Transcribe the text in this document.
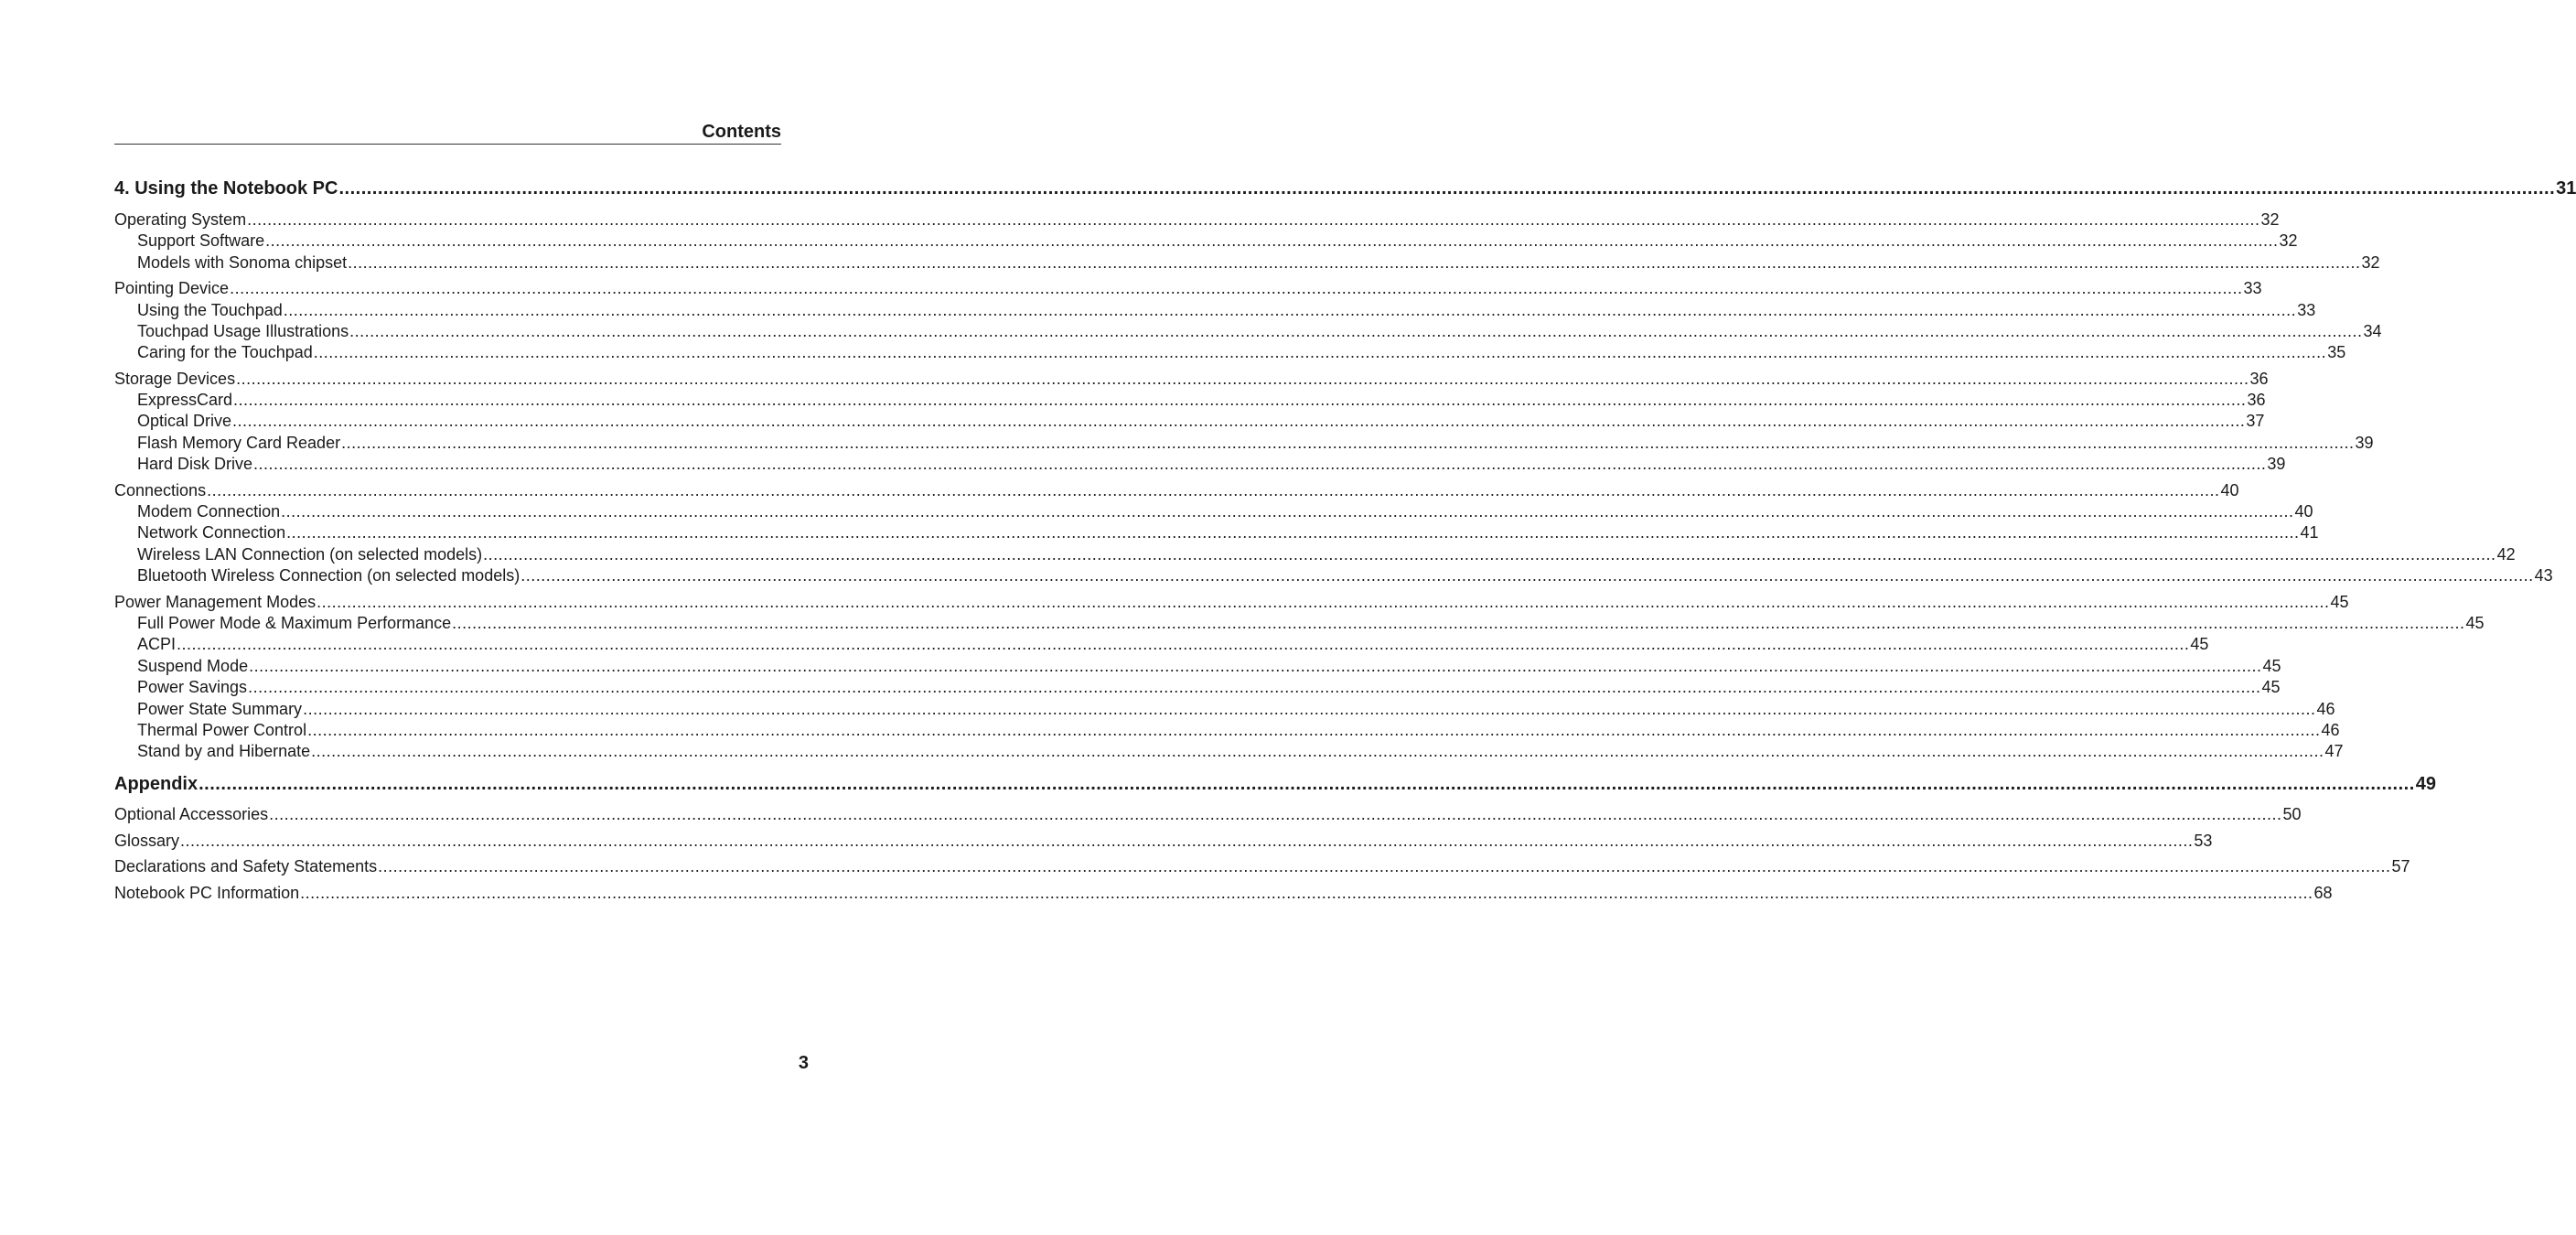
Contents
4. Using the Notebook PC ................................................................................................................................................................................................................................................................................................................................................................................................................ 31
Operating System ................................................................................................................................................................................................................................................................................................................................................................................................................ 32
Support Software ................................................................................................................................................................................................................................................................................................................................................................................................................ 32
Models with Sonoma chipset ................................................................................................................................................................................................................................................................................................................................................................................................................ 32
Pointing Device ................................................................................................................................................................................................................................................................................................................................................................................................................ 33
Using the Touchpad ................................................................................................................................................................................................................................................................................................................................................................................................................ 33
Touchpad Usage Illustrations ................................................................................................................................................................................................................................................................................................................................................................................................................ 34
Caring for the Touchpad ................................................................................................................................................................................................................................................................................................................................................................................................................ 35
Storage Devices ................................................................................................................................................................................................................................................................................................................................................................................................................ 36
ExpressCard ................................................................................................................................................................................................................................................................................................................................................................................................................ 36
Optical Drive ................................................................................................................................................................................................................................................................................................................................................................................................................ 37
Flash Memory Card Reader ................................................................................................................................................................................................................................................................................................................................................................................................................ 39
Hard Disk Drive ................................................................................................................................................................................................................................................................................................................................................................................................................ 39
Connections ................................................................................................................................................................................................................................................................................................................................................................................................................ 40
Modem Connection ................................................................................................................................................................................................................................................................................................................................................................................................................ 40
Network Connection ................................................................................................................................................................................................................................................................................................................................................................................................................ 41
Wireless LAN Connection (on selected models) ................................................................................................................................................................................................................................................................................................................................................................................................................ 42
Bluetooth Wireless Connection (on selected models) ................................................................................................................................................................................................................................................................................................................................................................................................................ 43
Power Management Modes ................................................................................................................................................................................................................................................................................................................................................................................................................ 45
Full Power Mode & Maximum Performance ................................................................................................................................................................................................................................................................................................................................................................................................................ 45
ACPI ................................................................................................................................................................................................................................................................................................................................................................................................................ 45
Suspend Mode ................................................................................................................................................................................................................................................................................................................................................................................................................ 45
Power Savings ................................................................................................................................................................................................................................................................................................................................................................................................................ 45
Power State Summary ................................................................................................................................................................................................................................................................................................................................................................................................................ 46
Thermal Power Control ................................................................................................................................................................................................................................................................................................................................................................................................................ 46
Stand by and Hibernate ................................................................................................................................................................................................................................................................................................................................................................................................................ 47
Appendix ................................................................................................................................................................................................................................................................................................................................................................................................................ 49
Optional Accessories ................................................................................................................................................................................................................................................................................................................................................................................................................ 50
Glossary ................................................................................................................................................................................................................................................................................................................................................................................................................ 53
Declarations and Safety Statements ................................................................................................................................................................................................................................................................................................................................................................................................................ 57
Notebook PC Information ................................................................................................................................................................................................................................................................................................................................................................................................................ 68
3
